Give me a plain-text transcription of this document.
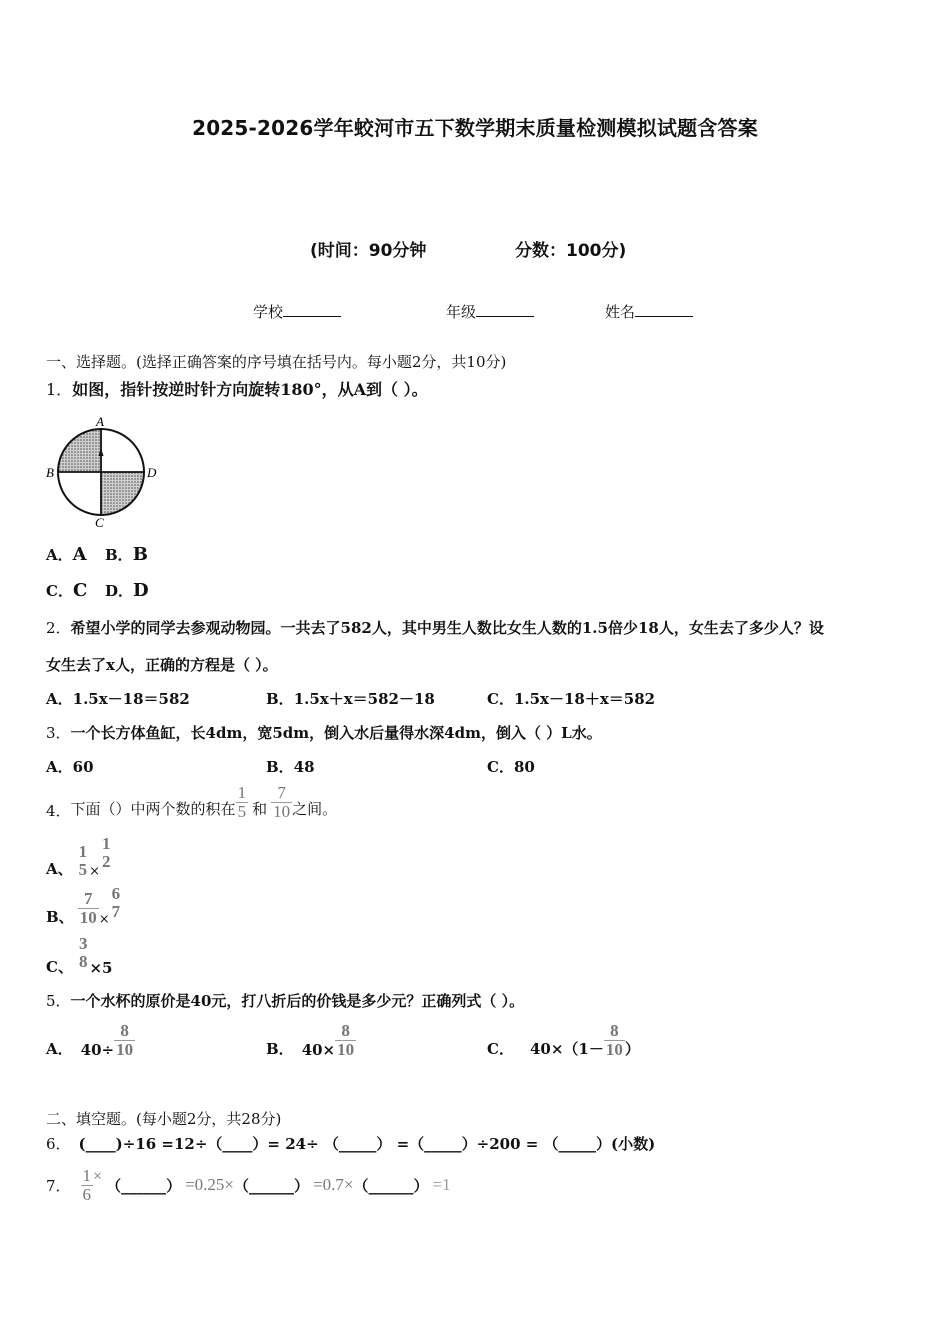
2025-2026学年蛟河市五下数学期末质量检测模拟试题含答案
(时间：90分钟	分数：100分)
学校	年级	姓名
一、选择题。(选择正确答案的序号填在括号内。每小题2分，共10分)
1．如图，指针按逆时针方向旋转180°，从A到（ ）。
A
B	D
C
A．A B．B
C．C D．D
2．希望小学的同学去参观动物园。一共去了582人，其中男生人数比女生人数的1.5倍少18人，女生去了多少人？设
女生去了x人，正确的方程是（ ）。
A．1.5x－18＝582	B．1.5x＋x＝582－18	C．1.5x－18＋x＝582
3．一个长方体鱼缸，长4dm，宽5dm，倒入水后量得水深4dm，倒入（ ）L水。
A．60	B．48	C．80
4． 下面（）中两个数的积在 $\frac{1}{5}$ 和 $\frac{7}{10}$ 之间。
A、
1
5 ×
1
2
B、 $\frac{7}{10}$ ×
6
7
C、
3
8 ×5
5．一个水杯的原价是40元，打八折后的价钱是多少元？正确列式（ ）。
A． $40\div \frac{8}{10}$	B． $40\times \frac{8}{10}$	C． $40\times(1- \frac{8}{10}$ ）
二、填空题。(每小题2分，共28分)
6． (____)÷16 =12÷（____）= 24÷ （_____） =（_____）÷200 = （_____）(小数)
7． $\frac{1}{6}$ × （______） =0.25× （______） =0.7× （______） =1
